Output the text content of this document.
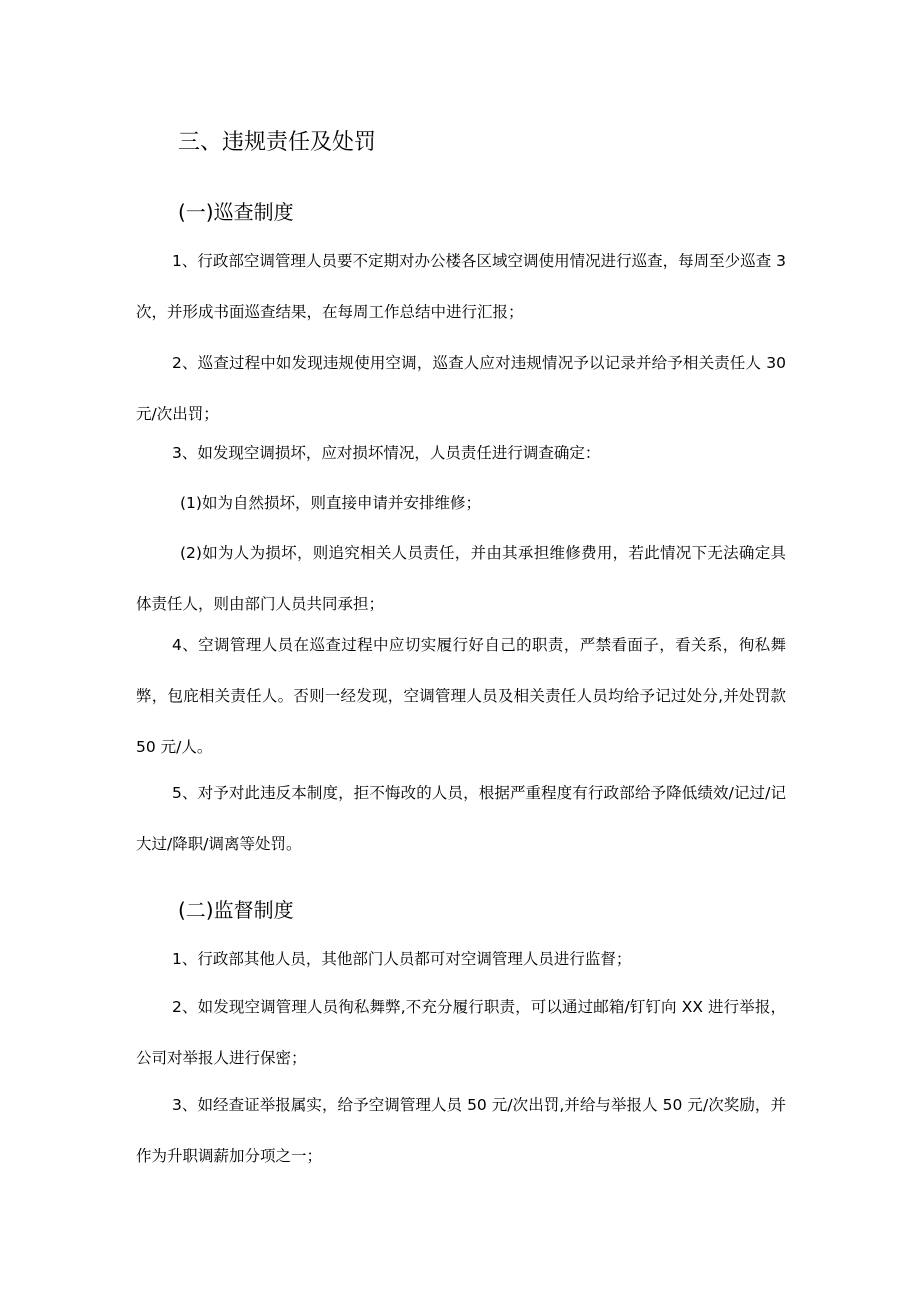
三、违规责任及处罚
(一)巡查制度

1、行政部空调管理人员要不定期对办公楼各区域空调使用情况进行巡查，每周至少巡查 3 次，并形成书面巡查结果，在每周工作总结中进行汇报；

2、巡查过程中如发现违规使用空调，巡查人应对违规情况予以记录并给予相关责任人 30 元/次出罚；

3、如发现空调损坏，应对损坏情况，人员责任进行调查确定：

(1)如为自然损坏，则直接申请并安排维修；

(2)如为人为损坏，则追究相关人员责任，并由其承担维修费用，若此情况下无法确定具体责任人，则由部门人员共同承担；

4、空调管理人员在巡查过程中应切实履行好自己的职责，严禁看面子，看关系，徇私舞弊，包庇相关责任人。否则一经发现，空调管理人员及相关责任人员均给予记过处分,并处罚款 50 元/人。

5、对予对此违反本制度，拒不悔改的人员，根据严重程度有行政部给予降低绩效/记过/记大过/降职/调离等处罚。

(二)监督制度

1、行政部其他人员，其他部门人员都可对空调管理人员进行监督；

2、如发现空调管理人员徇私舞弊,不充分履行职责，可以通过邮箱/钉钉向 XX 进行举报，公司对举报人进行保密；

3、如经查证举报属实，给予空调管理人员 50 元/次出罚,并给与举报人 50 元/次奖励，并作为升职调薪加分项之一；
